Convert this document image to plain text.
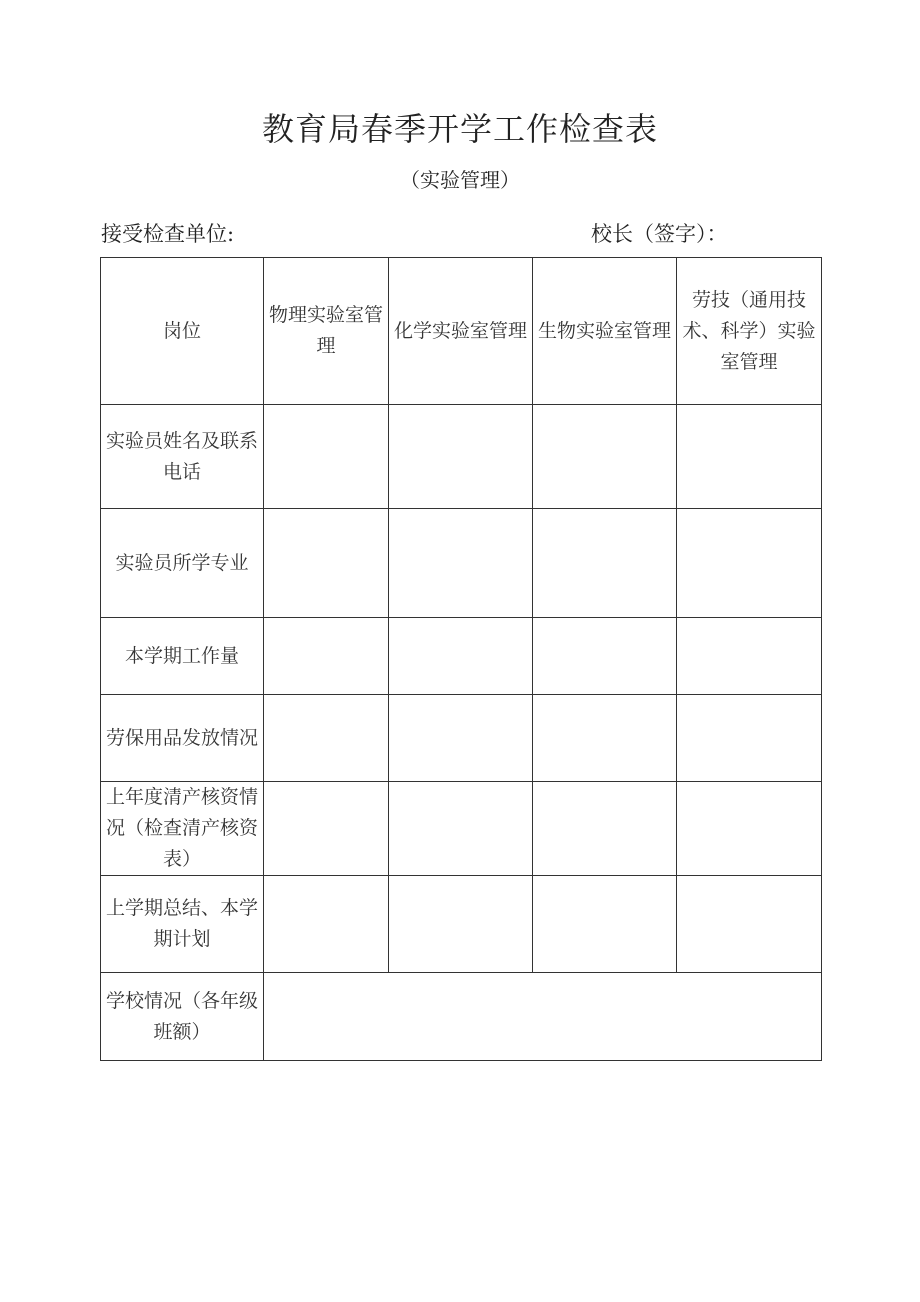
教育局春季开学工作检查表
（实验管理）
接受检查单位:	校长（签字）：
岗位	物理实验室管理	化学实验室管理	生物实验室管理	劳技（通用技术、科学）实验室管理
实验员姓名及联系电话				
实验员所学专业				
本学期工作量				
劳保用品发放情况				
上年度清产核资情况（检查清产核资表）				
上学期总结、本学期计划				
学校情况（各年级班额）				
